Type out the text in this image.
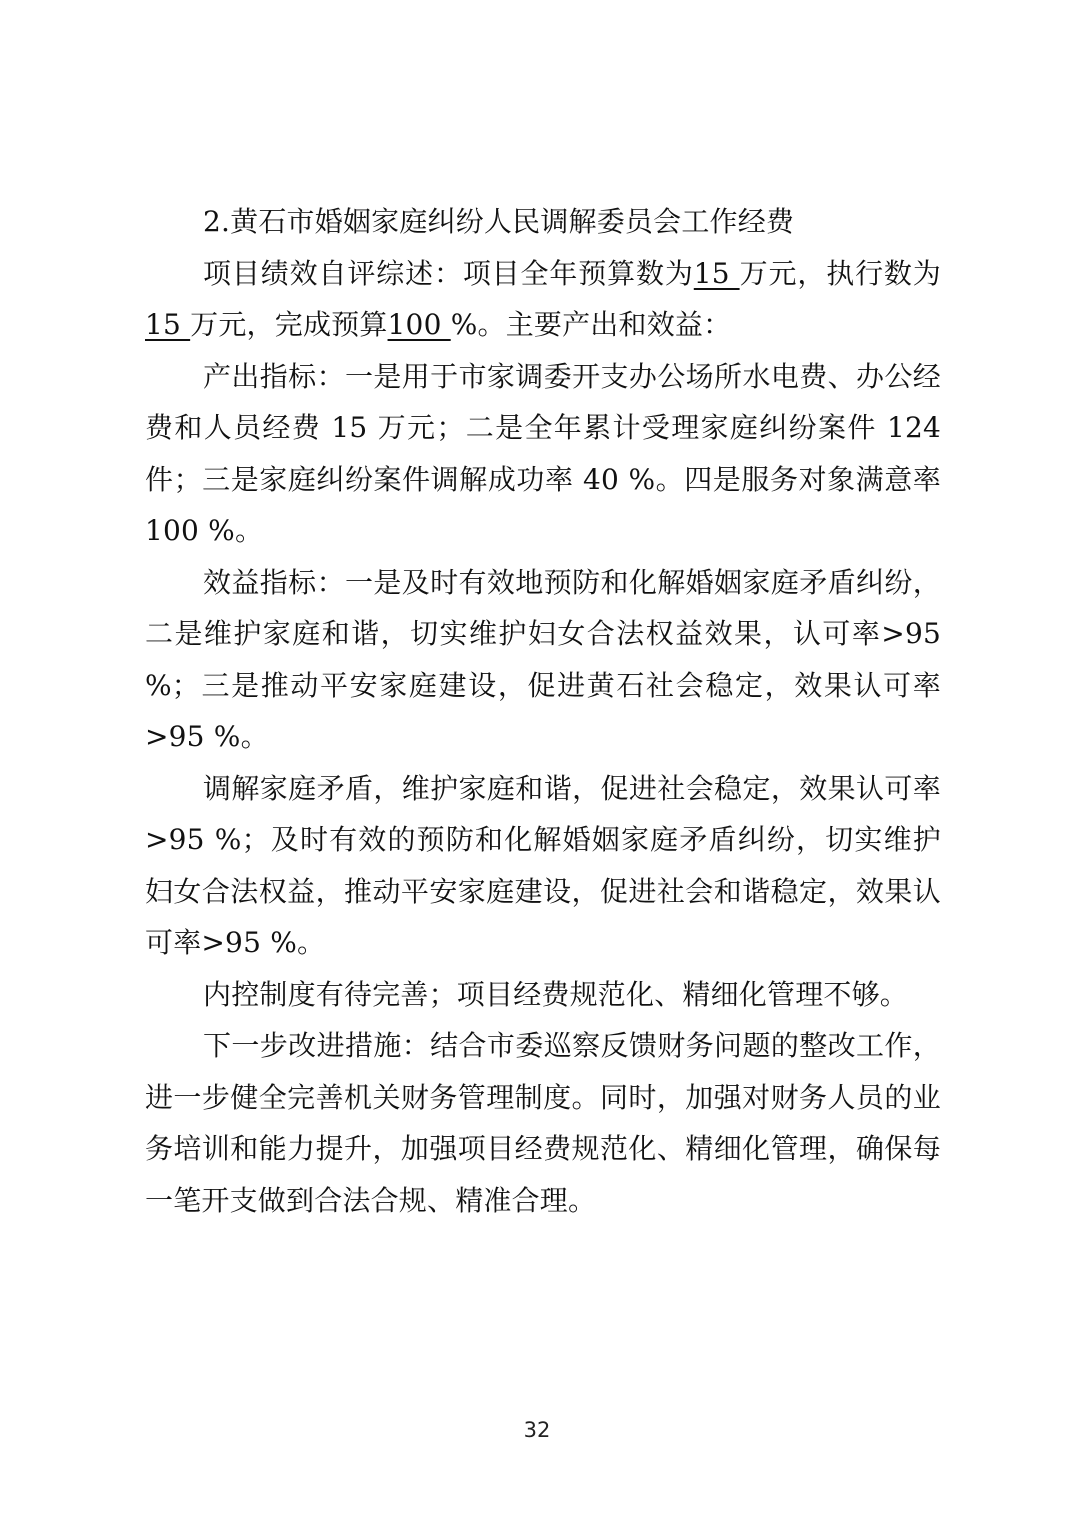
2.黄石市婚姻家庭纠纷人民调解委员会工作经费

项目绩效自评综述：项目全年预算数为15 万元，执行数为15 万元，完成预算100 %。主要产出和效益：

产出指标：一是用于市家调委开支办公场所水电费、办公经费和人员经费 15 万元；二是全年累计受理家庭纠纷案件 124 件；三是家庭纠纷案件调解成功率 40 %。四是服务对象满意率 100 %。

效益指标：一是及时有效地预防和化解婚姻家庭矛盾纠纷，二是维护家庭和谐，切实维护妇女合法权益效果，认可率>95 %；三是推动平安家庭建设，促进黄石社会稳定，效果认可率>95 %。

调解家庭矛盾，维护家庭和谐，促进社会稳定，效果认可率>95 %；及时有效的预防和化解婚姻家庭矛盾纠纷，切实维护妇女合法权益，推动平安家庭建设，促进社会和谐稳定，效果认可率>95 %。

内控制度有待完善；项目经费规范化、精细化管理不够。

下一步改进措施：结合市委巡察反馈财务问题的整改工作，进一步健全完善机关财务管理制度。同时，加强对财务人员的业务培训和能力提升，加强项目经费规范化、精细化管理，确保每一笔开支做到合法合规、精准合理。

32
